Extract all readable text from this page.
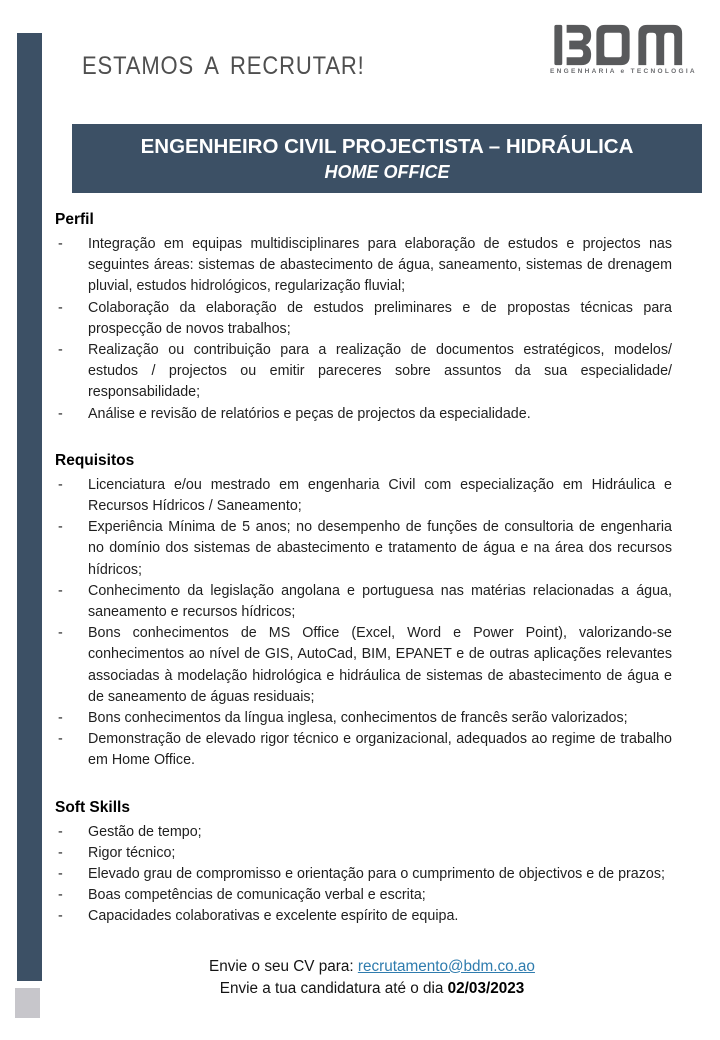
ESTAMOS A RECRUTAR!	ENGENHARIA e TECNOLOGIA
ENGENHEIRO CIVIL PROJECTISTA – HIDRÁULICA
HOME OFFICE
Perfil
- Integração em equipas multidisciplinares para elaboração de estudos e projectos nas seguintes áreas: sistemas de abastecimento de água, saneamento, sistemas de drenagem pluvial, estudos hidrológicos, regularização fluvial;
- Colaboração da elaboração de estudos preliminares e de propostas técnicas para prospecção de novos trabalhos;
- Realização ou contribuição para a realização de documentos estratégicos, modelos/ estudos / projectos ou emitir pareceres sobre assuntos da sua especialidade/ responsabilidade;
- Análise e revisão de relatórios e peças de projectos da especialidade.
Requisitos
- Licenciatura e/ou mestrado em engenharia Civil com especialização em Hidráulica e Recursos Hídricos / Saneamento;
- Experiência Mínima de 5 anos; no desempenho de funções de consultoria de engenharia no domínio dos sistemas de abastecimento e tratamento de água e na área dos recursos hídricos;
- Conhecimento da legislação angolana e portuguesa nas matérias relacionadas a água, saneamento e recursos hídricos;
- Bons conhecimentos de MS Office (Excel, Word e Power Point), valorizando-se conhecimentos ao nível de GIS, AutoCad, BIM, EPANET e de outras aplicações relevantes associadas à modelação hidrológica e hidráulica de sistemas de abastecimento de água e de saneamento de águas residuais;
- Bons conhecimentos da língua inglesa, conhecimentos de francês serão valorizados;
- Demonstração de elevado rigor técnico e organizacional, adequados ao regime de trabalho em Home Office.
Soft Skills
- Gestão de tempo;
- Rigor técnico;
- Elevado grau de compromisso e orientação para o cumprimento de objectivos e de prazos;
- Boas competências de comunicação verbal e escrita;
- Capacidades colaborativas e excelente espírito de equipa.
Envie o seu CV para: recrutamento@bdm.co.ao
Envie a tua candidatura até o dia 02/03/2023
